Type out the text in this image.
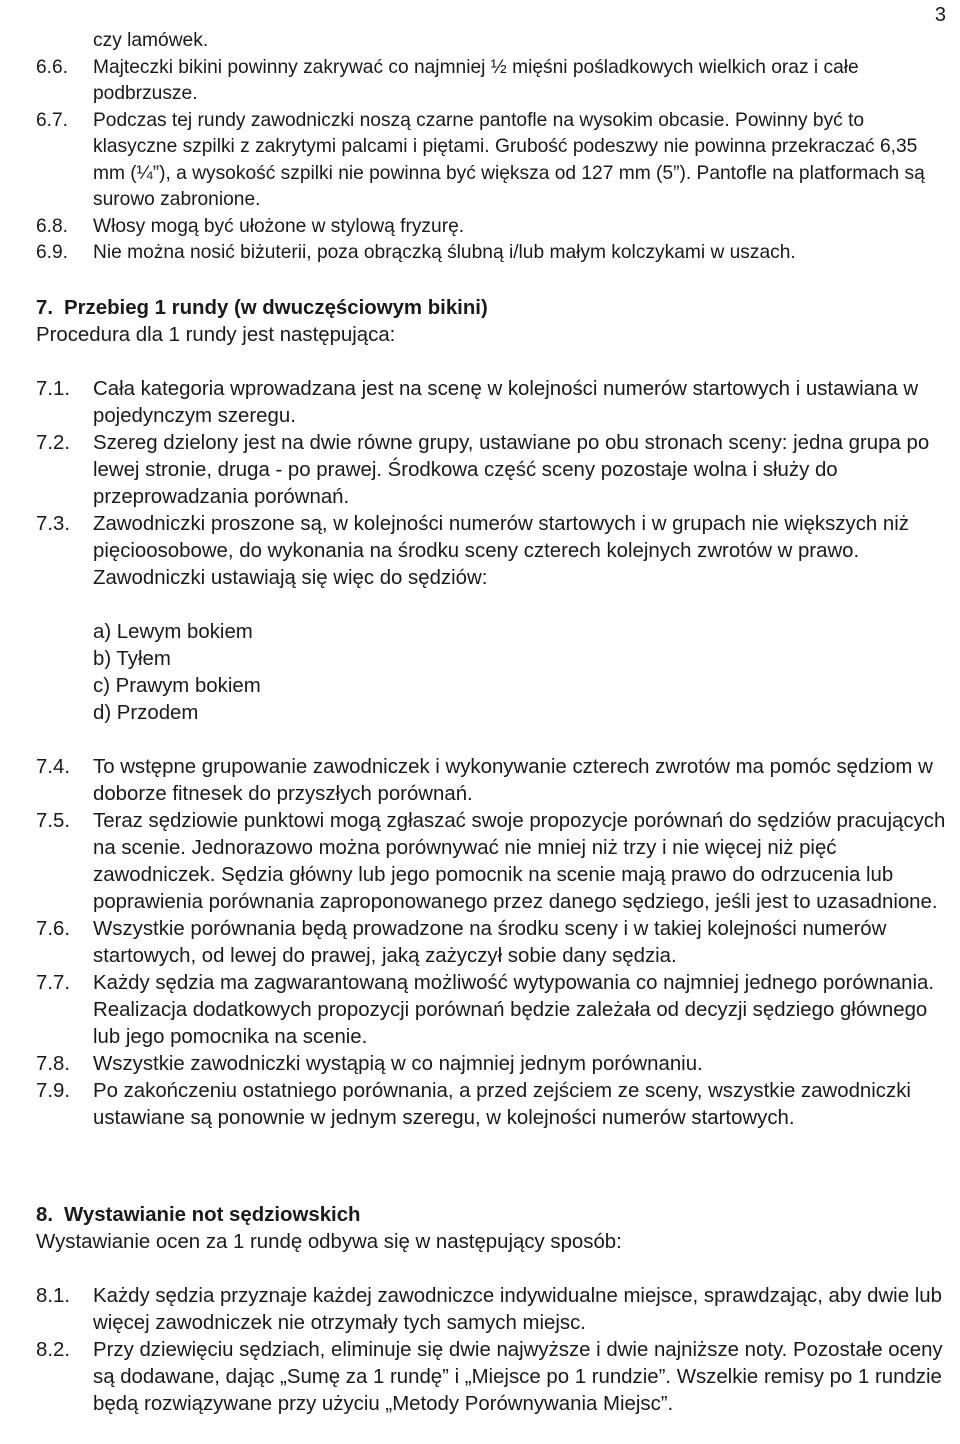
3
czy lamówek.
6.6.	Majteczki bikini powinny zakrywać co najmniej ½ mięśni pośladkowych wielkich oraz i całe podbrzusze.
6.7.	Podczas tej rundy zawodniczki noszą czarne pantofle na wysokim obcasie. Powinny być to klasyczne szpilki z zakrytymi palcami i piętami. Grubość podeszwy nie powinna przekraczać 6,35 mm (¼”), a wysokość szpilki nie powinna być większa od 127 mm (5”). Pantofle na platformach są surowo zabronione.
6.8.	Włosy mogą być ułożone w stylową fryzurę.
6.9.	Nie można nosić biżuterii, poza obrączką ślubną i/lub małym kolczykami w uszach.
7. Przebieg 1 rundy (w dwuczęściowym bikini)
Procedura dla 1 rundy jest następująca:
7.1.	Cała kategoria wprowadzana jest na scenę w kolejności numerów startowych i ustawiana w pojedynczym szeregu.
7.2.	Szereg dzielony jest na dwie równe grupy, ustawiane po obu stronach sceny: jedna grupa po lewej stronie, druga - po prawej. Środkowa część sceny pozostaje wolna i służy do przeprowadzania porównań.
7.3.	Zawodniczki proszone są, w kolejności numerów startowych i w grupach nie większych niż pięcioosobowe, do wykonania na środku sceny czterech kolejnych zwrotów w prawo. Zawodniczki ustawiają się więc do sędziów:
a) Lewym bokiem
b) Tyłem
c) Prawym bokiem
d) Przodem
7.4.	To wstępne grupowanie zawodniczek i wykonywanie czterech zwrotów ma pomóc sędziom w doborze fitnesek do przyszłych porównań.
7.5.	Teraz sędziowie punktowi mogą zgłaszać swoje propozycje porównań do sędziów pracujących na scenie. Jednorazowo można porównywać nie mniej niż trzy i nie więcej niż pięć zawodniczek. Sędzia główny lub jego pomocnik na scenie mają prawo do odrzucenia lub poprawienia porównania zaproponowanego przez danego sędziego, jeśli jest to uzasadnione.
7.6.	Wszystkie porównania będą prowadzone na środku sceny i w takiej kolejności numerów startowych, od lewej do prawej, jaką zażyczył sobie dany sędzia.
7.7.	Każdy sędzia ma zagwarantowaną możliwość wytypowania co najmniej jednego porównania. Realizacja dodatkowych propozycji porównań będzie zależała od decyzji sędziego głównego lub jego pomocnika na scenie.
7.8.	Wszystkie zawodniczki wystąpią w co najmniej jednym porównaniu.
7.9.	Po zakończeniu ostatniego porównania, a przed zejściem ze sceny, wszystkie zawodniczki ustawiane są ponownie w jednym szeregu, w kolejności numerów startowych.
8. Wystawianie not sędziowskich
Wystawianie ocen za 1 rundę odbywa się w następujący sposób:
8.1.	Każdy sędzia przyznaje każdej zawodniczce indywidualne miejsce, sprawdzając, aby dwie lub więcej zawodniczek nie otrzymały tych samych miejsc.
8.2.	Przy dziewięciu sędziach, eliminuje się dwie najwyższe i dwie najniższe noty. Pozostałe oceny są dodawane, dając „Sumę za 1 rundę” i „Miejsce po 1 rundzie”. Wszelkie remisy po 1 rundzie będą rozwiązywane przy użyciu „Metody Porównywania Miejsc”.
